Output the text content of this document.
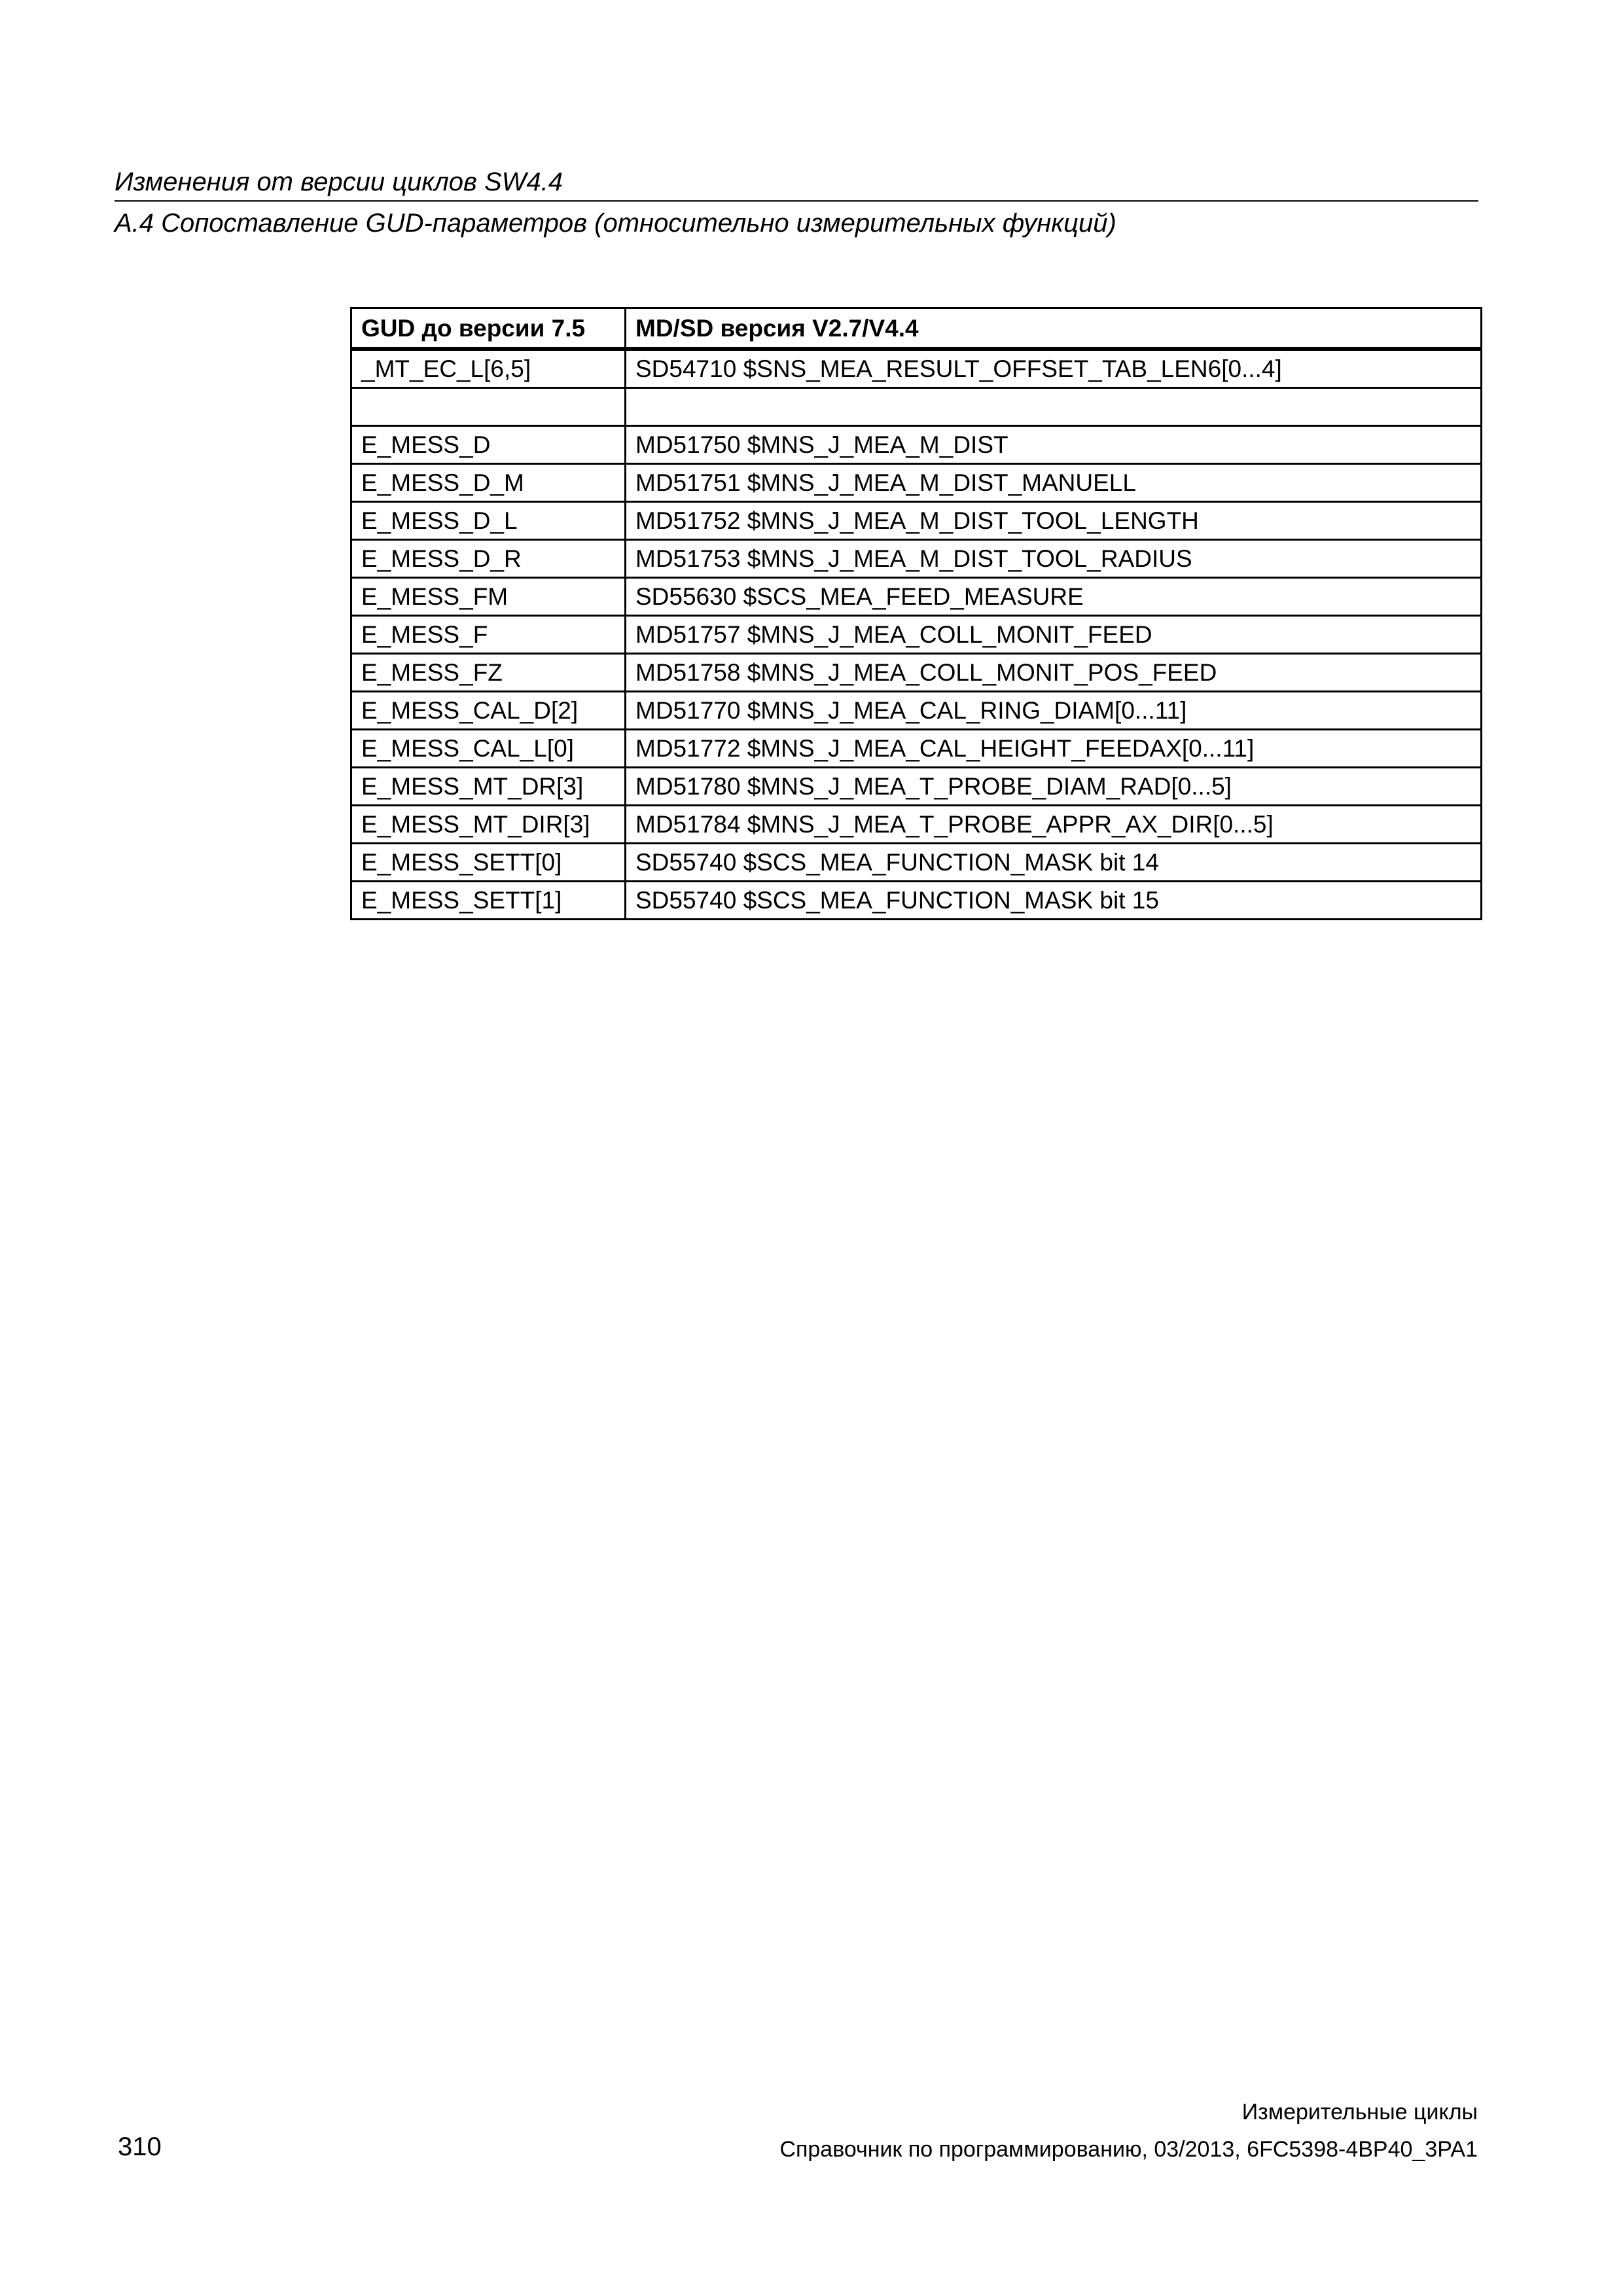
Изменения от версии циклов SW4.4
A.4 Сопоставление GUD-параметров (относительно измерительных функций)
GUD до версии 7.5	MD/SD версия V2.7/V4.4
_MT_EC_L[6,5]	SD54710 $SNS_MEA_RESULT_OFFSET_TAB_LEN6[0...4]

E_MESS_D	MD51750 $MNS_J_MEA_M_DIST
E_MESS_D_M	MD51751 $MNS_J_MEA_M_DIST_MANUELL
E_MESS_D_L	MD51752 $MNS_J_MEA_M_DIST_TOOL_LENGTH
E_MESS_D_R	MD51753 $MNS_J_MEA_M_DIST_TOOL_RADIUS
E_MESS_FM	SD55630 $SCS_MEA_FEED_MEASURE
E_MESS_F	MD51757 $MNS_J_MEA_COLL_MONIT_FEED
E_MESS_FZ	MD51758 $MNS_J_MEA_COLL_MONIT_POS_FEED
E_MESS_CAL_D[2]	MD51770 $MNS_J_MEA_CAL_RING_DIAM[0...11]
E_MESS_CAL_L[0]	MD51772 $MNS_J_MEA_CAL_HEIGHT_FEEDAX[0...11]
E_MESS_MT_DR[3]	MD51780 $MNS_J_MEA_T_PROBE_DIAM_RAD[0...5]
E_MESS_MT_DIR[3]	MD51784 $MNS_J_MEA_T_PROBE_APPR_AX_DIR[0...5]
E_MESS_SETT[0]	SD55740 $SCS_MEA_FUNCTION_MASK bit 14
E_MESS_SETT[1]	SD55740 $SCS_MEA_FUNCTION_MASK bit 15
Измерительные циклы
310	Справочник по программированию, 03/2013, 6FC5398-4BP40_3PA1
